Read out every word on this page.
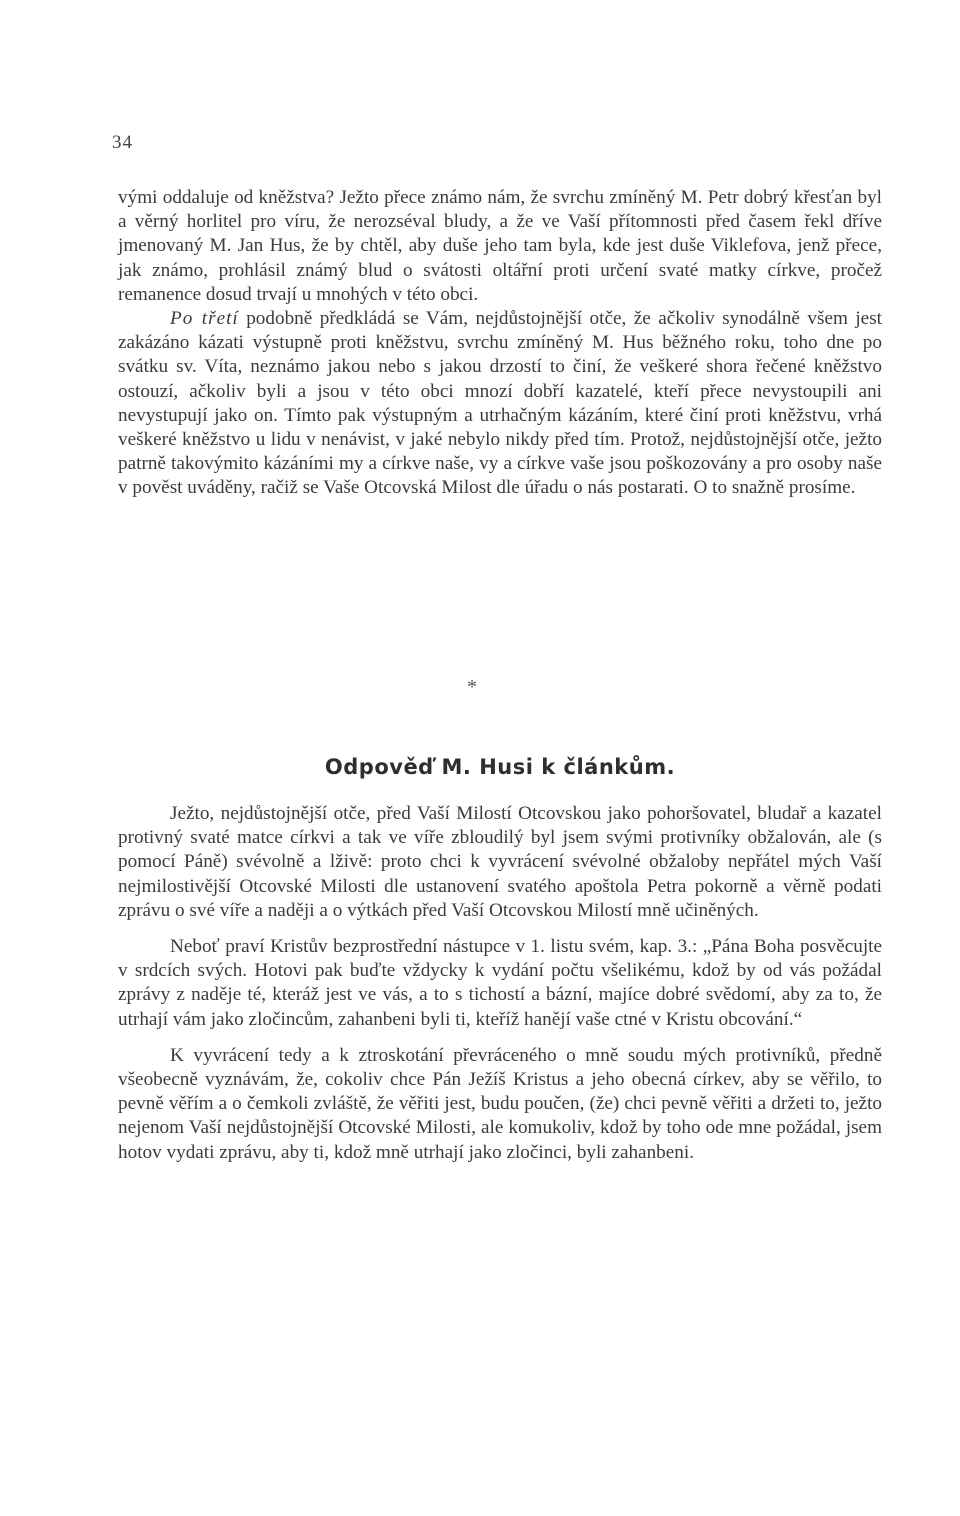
34

vými oddaluje od kněžstva? Ježto přece známo nám, že svrchu zmíněný M. Petr dobrý křesťan byl a věrný horlitel pro víru, že nerozséval bludy, a že ve Vaší přítomnosti před časem řekl dříve jmenovaný M. Jan Hus, že by chtěl, aby duše jeho tam byla, kde jest duše Viklefova, jenž přece, jak známo, prohlásil známý blud o svátosti oltářní proti určení svaté matky církve, pročež remanence dosud trvají u mnohých v této obci.

Po třetí podobně předkládá se Vám, nejdůstojnější otče, že ačkoliv synodálně všem jest zakázáno kázati výstupně proti kněžstvu, svrchu zmíněný M. Hus běžného roku, toho dne po svátku sv. Víta, neznámo jakou nebo s jakou drzostí to činí, že veškeré shora řečené kněžstvo ostouzí, ačkoliv byli a jsou v této obci mnozí dobří kazatelé, kteří přece nevystoupili ani nevystupují jako on. Tímto pak výstupným a utrhačným kázáním, které činí proti kněžstvu, vrhá veškeré kněžstvo u lidu v nenávist, v jaké nebylo nikdy před tím. Protož, nejdůstojnější otče, ježto patrně takovýmito kázáními my a církve naše, vy a církve vaše jsou poškozovány a pro osoby naše v pověst uváděny, račiž se Vaše Otcovská Milost dle úřadu o nás postarati. O to snažně prosíme.

*
Odpověď M. Husi k článkům.

Ježto, nejdůstojnější otče, před Vaší Milostí Otcovskou jako pohoršovatel, bludař a kazatel protivný svaté matce církvi a tak ve víře zbloudilý byl jsem svými protivníky obžalován, ale (s pomocí Páně) svévolně a lživě: proto chci k vyvrácení svévolné obžaloby nepřátel mých Vaší nejmilostivější Otcovské Milosti dle ustanovení svatého apoštola Petra pokorně a věrně podati zprávu o své víře a naději a o výtkách před Vaší Otcovskou Milostí mně učiněných.

Neboť praví Kristův bezprostřední nástupce v 1. listu svém, kap. 3.: „Pána Boha posvěcujte v srdcích svých. Hotovi pak buďte vždycky k vydání počtu všelikému, kdož by od vás požádal zprávy z naděje té, kteráž jest ve vás, a to s tichostí a bázní, majíce dobré svědomí, aby za to, že utrhají vám jako zločincům, zahanbeni byli ti, kteříž hanějí vaše ctné v Kristu obcování.“

K vyvrácení tedy a k ztroskotání převráceného o mně soudu mých protivníků, předně všeobecně vyznávám, že, cokoliv chce Pán Ježíš Kristus a jeho obecná církev, aby se věřilo, to pevně věřím a o čemkoli zvláště, že věřiti jest, budu poučen, (že) chci pevně věřiti a držeti to, ježto nejenom Vaší nejdůstojnější Otcovské Milosti, ale komukoliv, kdož by toho ode mne požádal, jsem hotov vydati zprávu, aby ti, kdož mně utrhají jako zločinci, byli zahanbeni.
